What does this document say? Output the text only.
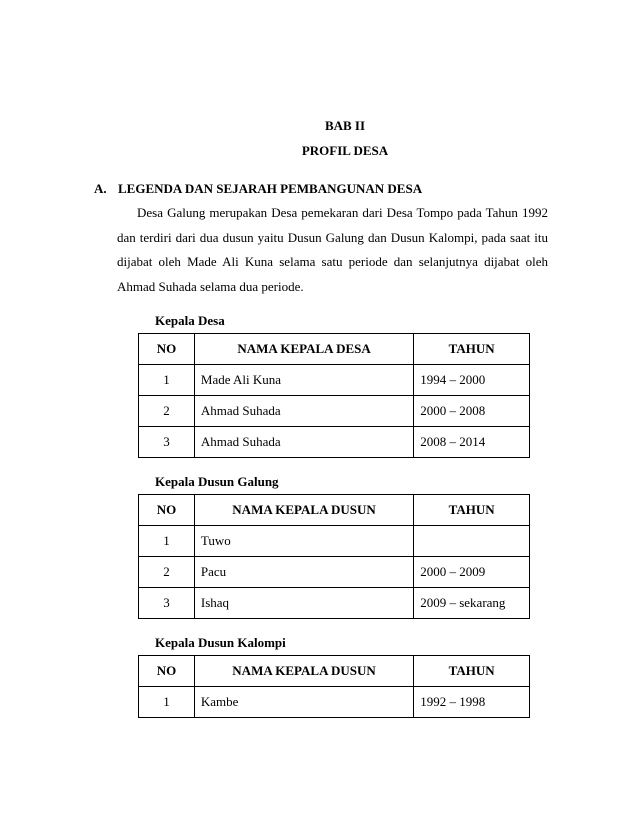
BAB II
PROFIL DESA
A. LEGENDA DAN SEJARAH PEMBANGUNAN DESA
Desa Galung merupakan Desa pemekaran dari Desa Tompo pada Tahun 1992 dan terdiri dari dua dusun yaitu Dusun Galung dan Dusun Kalompi, pada saat itu dijabat oleh Made Ali Kuna selama satu periode dan selanjutnya dijabat oleh Ahmad Suhada selama dua periode.
Kepala Desa
NO	NAMA KEPALA DESA	TAHUN
1	Made Ali Kuna	1994 – 2000
2	Ahmad Suhada	2000 – 2008
3	Ahmad Suhada	2008 – 2014
Kepala Dusun Galung
NO	NAMA KEPALA DUSUN	TAHUN
1	Tuwo	
2	Pacu	2000 – 2009
3	Ishaq	2009 – sekarang
Kepala Dusun Kalompi
NO	NAMA KEPALA DUSUN	TAHUN
1	Kambe	1992 – 1998
